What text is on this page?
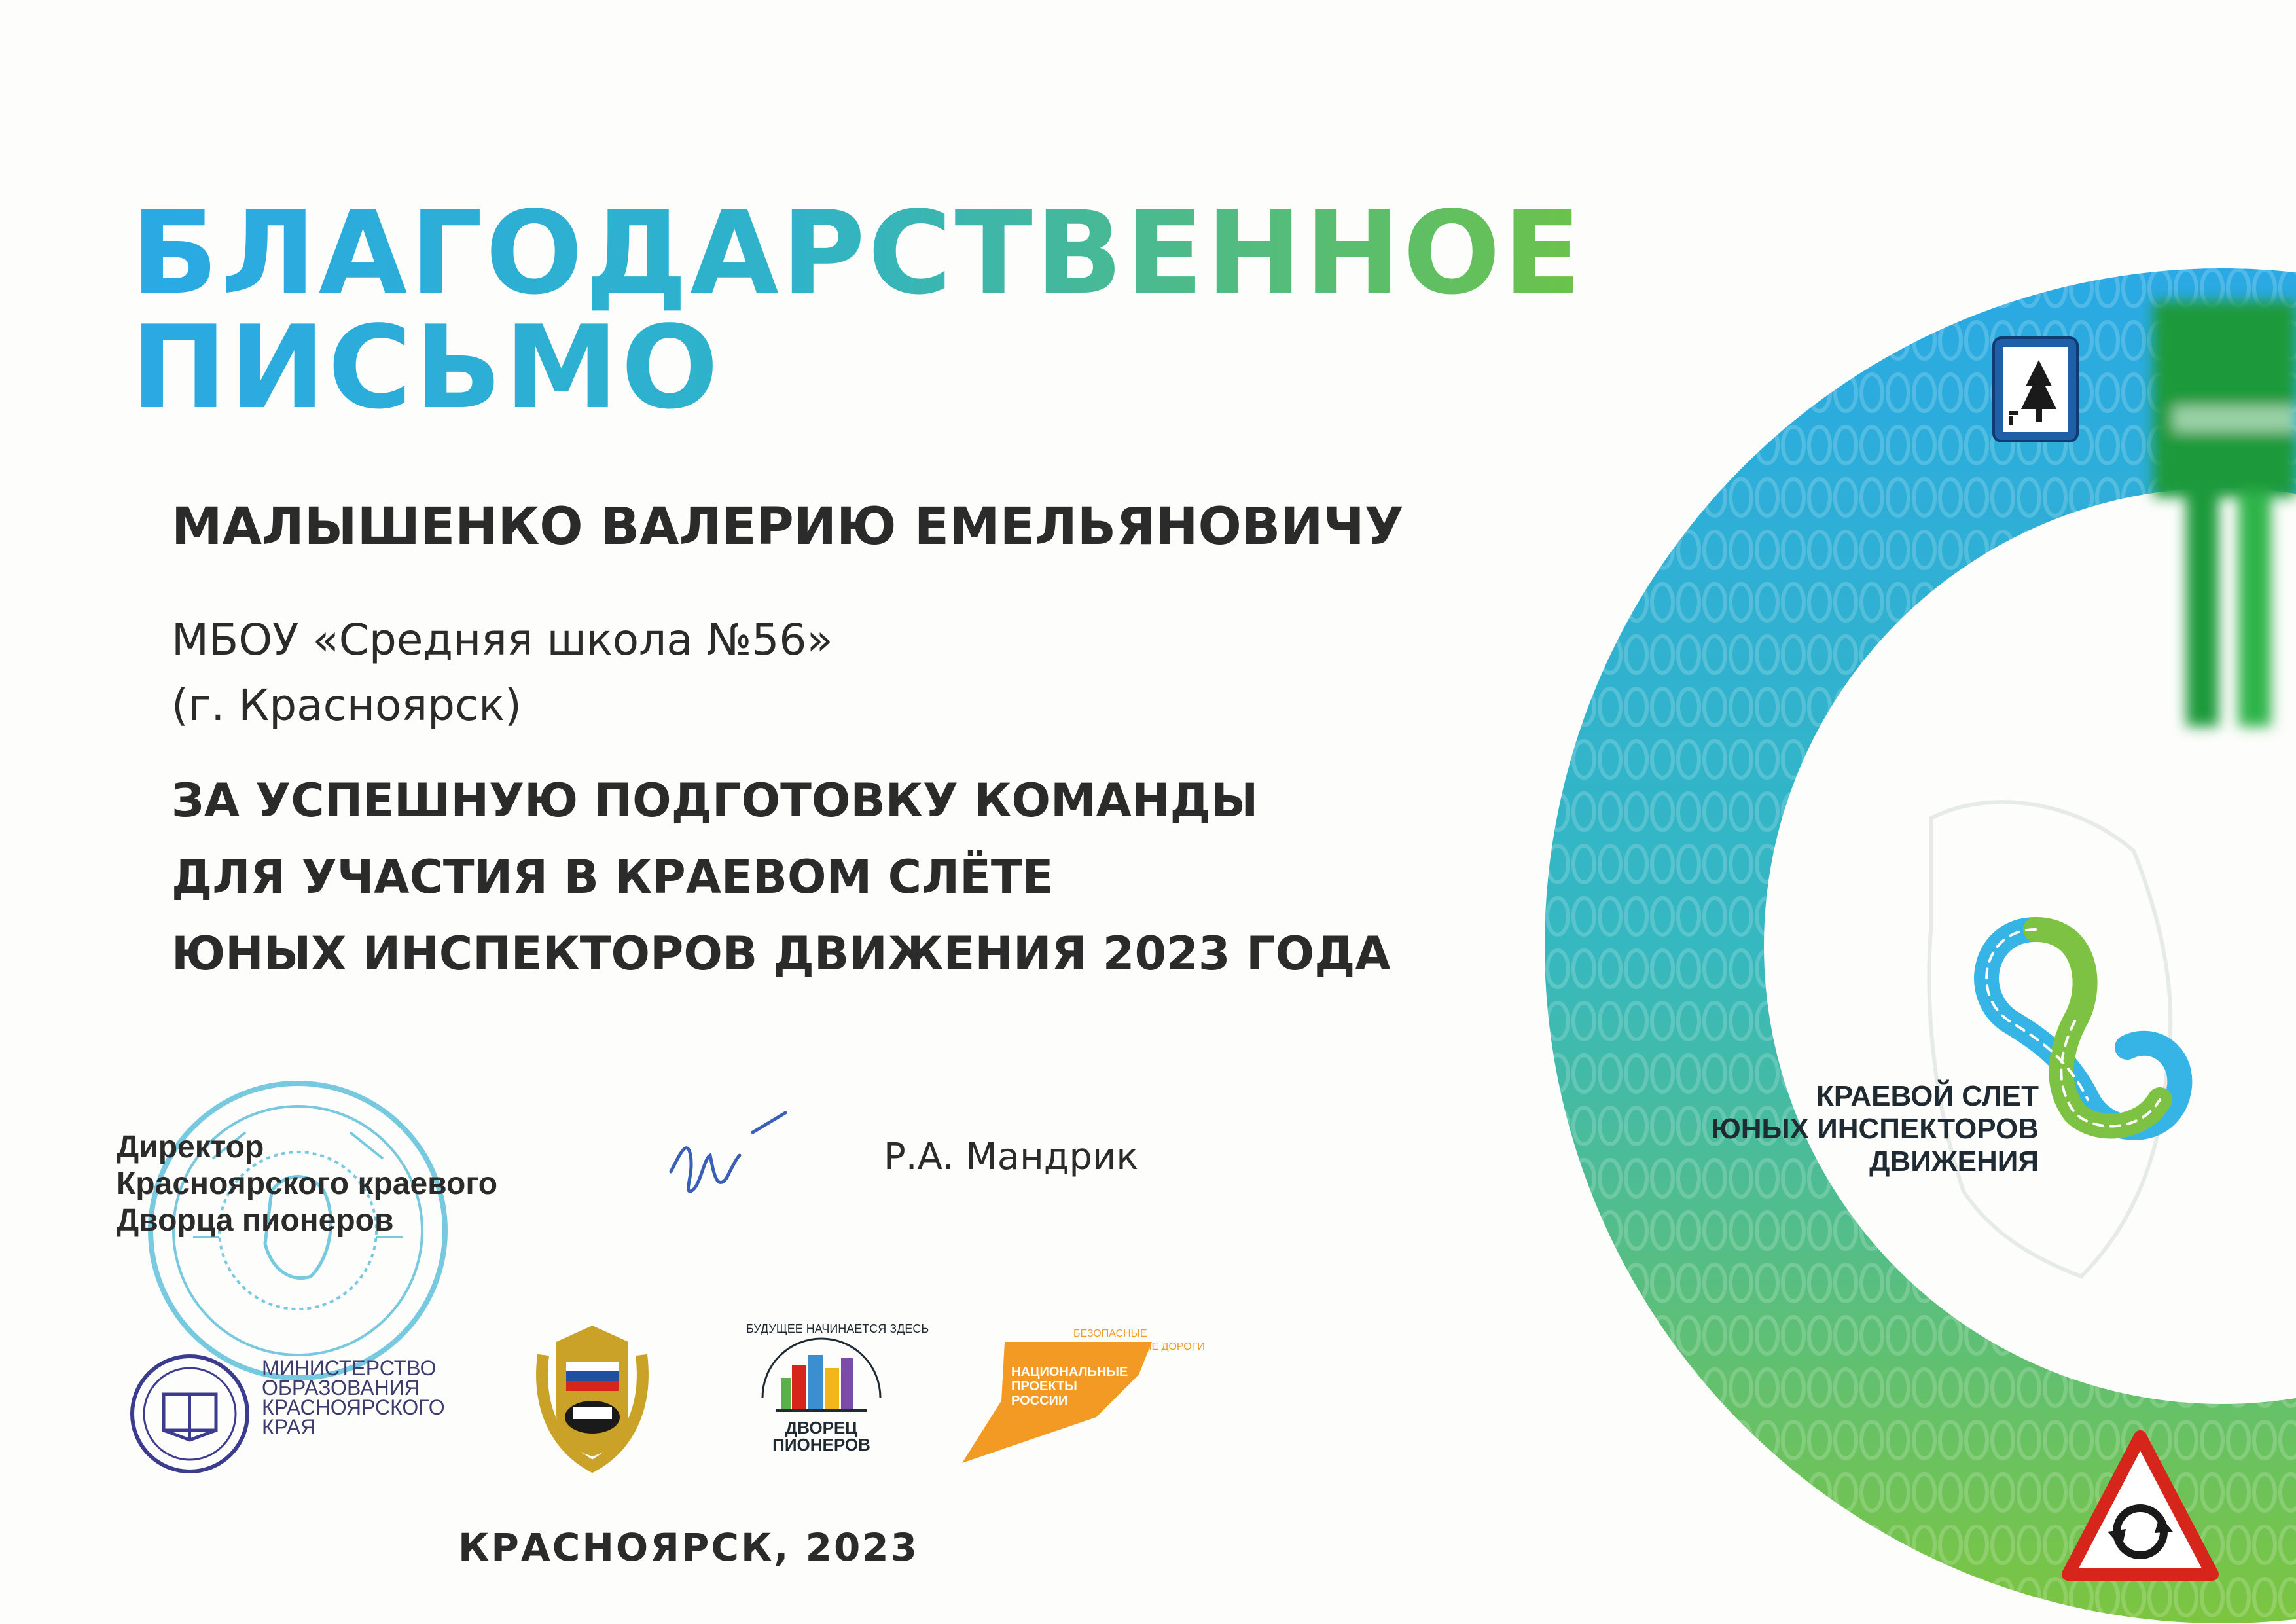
БЛАГОДАРСТВЕННОЕ
ПИСЬМО
МАЛЫШЕНКО ВАЛЕРИЮ ЕМЕЛЬЯНОВИЧУ
МБОУ «Средняя школа №56»
(г. Красноярск)
ЗА УСПЕШНУЮ ПОДГОТОВКУ КОМАНДЫ
ДЛЯ УЧАСТИЯ В КРАЕВОМ СЛЁТЕ
ЮНЫХ ИНСПЕКТОРОВ ДВИЖЕНИЯ 2023 ГОДА
Директор
Красноярского краевого
Дворца пионеров
Р.А. Мандрик
КРАЕВОЙ СЛЕТ
ЮНЫХ ИНСПЕКТОРОВ
ДВИЖЕНИЯ
МИНИСТЕРСТВО
ОБРАЗОВАНИЯ
КРАСНОЯРСКОГО
КРАЯ	ДВОРЕЦ
ПИОНЕРОВ
БУДУЩЕЕ НАЧИНАЕТСЯ ЗДЕСЬ	БЕЗОПАСНЫЕ
КАЧЕСТВЕННЫЕ ДОРОГИ
НАЦИОНАЛЬНЫЕ
ПРОЕКТЫ
РОССИИ
КРАСНОЯРСК, 2023
